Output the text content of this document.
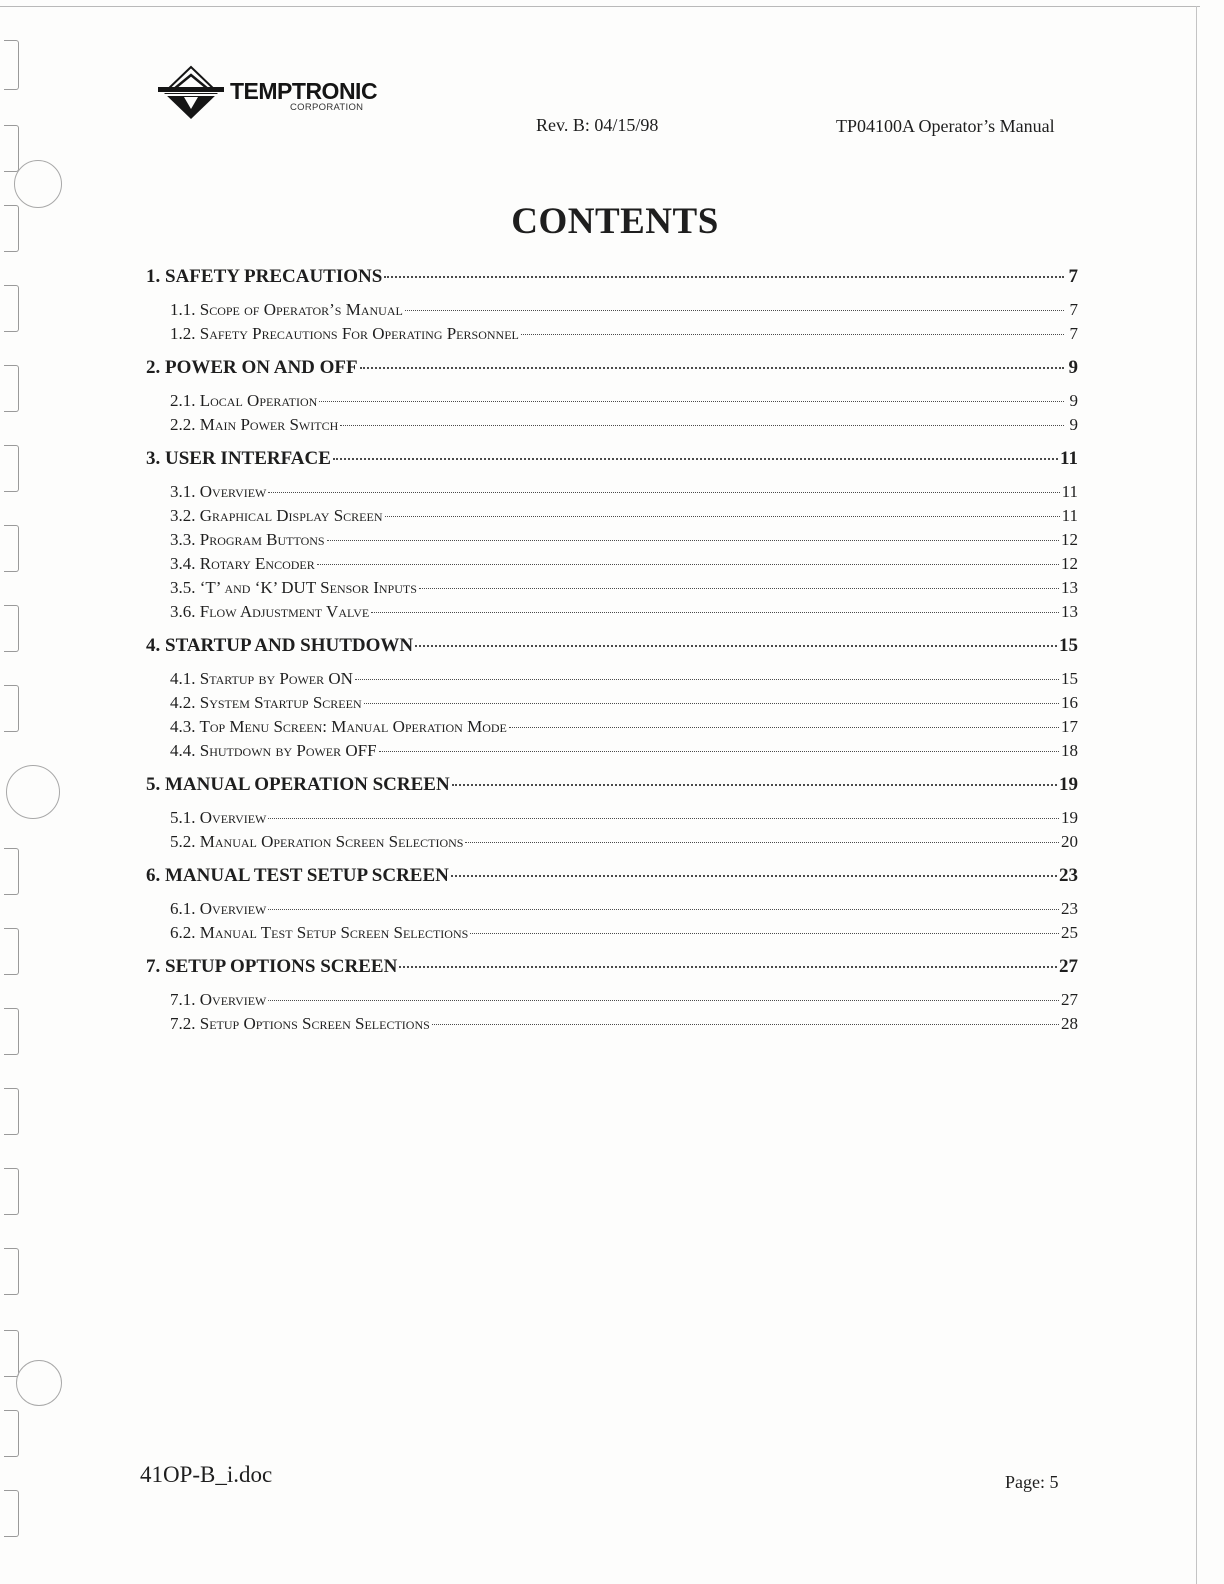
TEMPTRONIC
CORPORATION
Rev. B: 04/15/98	TP04100A Operator’s Manual
CONTENTS
1. SAFETY PRECAUTIONS	7
1.1. Scope of Operator’s Manual	7
1.2. Safety Precautions For Operating Personnel	7
2. POWER ON AND OFF	9
2.1. Local Operation	9
2.2. Main Power Switch	9
3. USER INTERFACE	11
3.1. Overview	11
3.2. Graphical Display Screen	11
3.3. Program Buttons	12
3.4. Rotary Encoder	12
3.5. ‘T’ and ‘K’ DUT Sensor Inputs	13
3.6. Flow Adjustment Valve	13
4. STARTUP AND SHUTDOWN	15
4.1. Startup by Power ON	15
4.2. System Startup Screen	16
4.3. Top Menu Screen: Manual Operation Mode	17
4.4. Shutdown by Power OFF	18
5. MANUAL OPERATION SCREEN	19
5.1. Overview	19
5.2. Manual Operation Screen Selections	20
6. MANUAL TEST SETUP SCREEN	23
6.1. Overview	23
6.2. Manual Test Setup Screen Selections	25
7. SETUP OPTIONS SCREEN	27
7.1. Overview	27
7.2. Setup Options Screen Selections	28
41OP-B_i.doc	Page: 5
